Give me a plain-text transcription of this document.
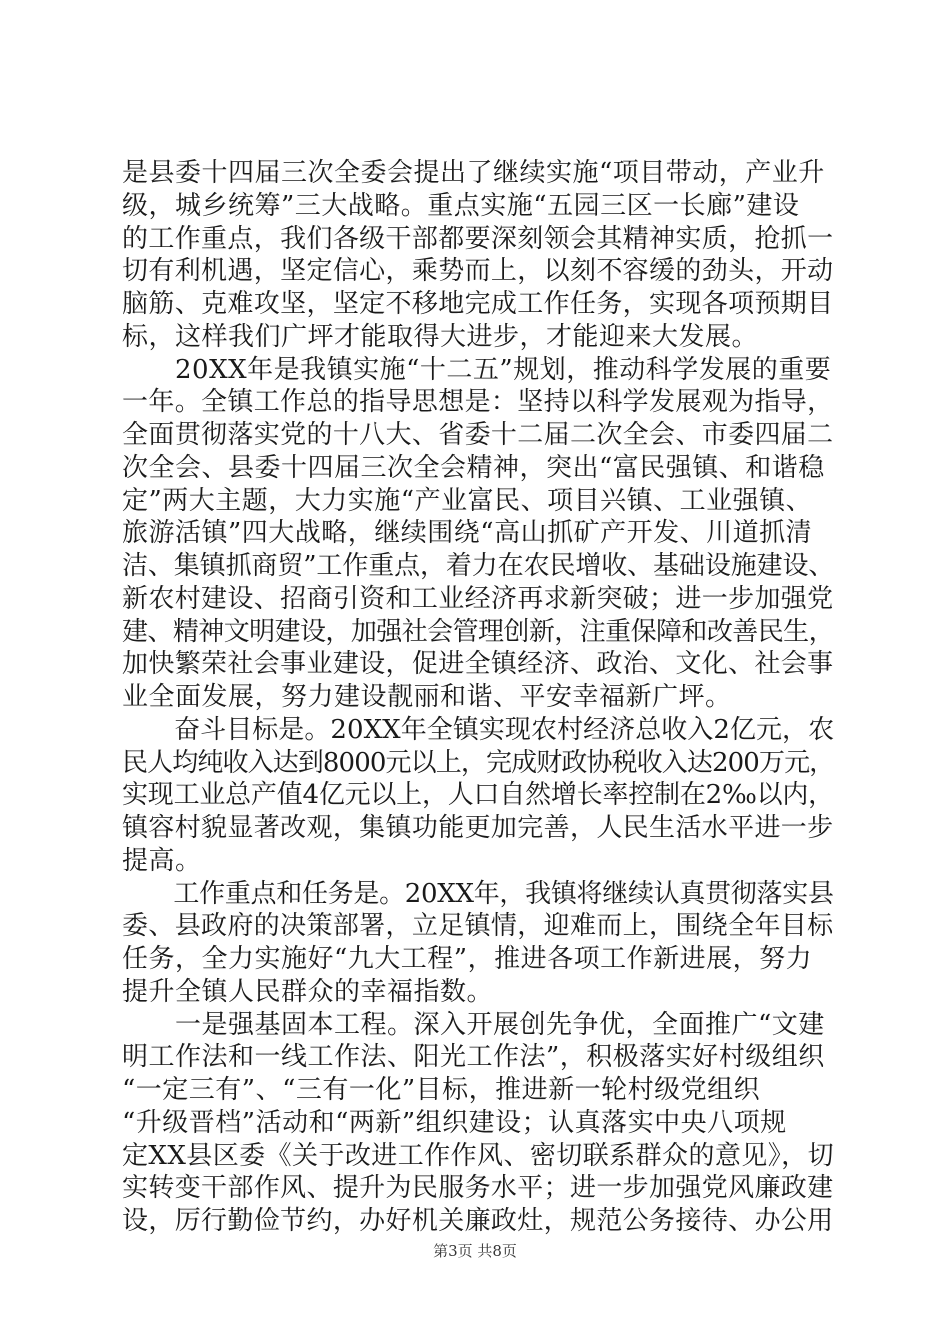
是县委十四届三次全委会提出了继续实施“项目带动，产业升
级，城乡统筹”三大战略。重点实施“五园三区一长廊”建设
的工作重点，我们各级干部都要深刻领会其精神实质，抢抓一
切有利机遇，坚定信心，乘势而上，以刻不容缓的劲头，开动
脑筋、克难攻坚，坚定不移地完成工作任务，实现各项预期目
标，这样我们广坪才能取得大进步，才能迎来大发展。
　　20XX年是我镇实施“十二五”规划，推动科学发展的重要
一年。全镇工作总的指导思想是：坚持以科学发展观为指导，
全面贯彻落实党的十八大、省委十二届二次全会、市委四届二
次全会、县委十四届三次全会精神，突出“富民强镇、和谐稳
定”两大主题，大力实施“产业富民、项目兴镇、工业强镇、
旅游活镇”四大战略，继续围绕“高山抓矿产开发、川道抓清
洁、集镇抓商贸”工作重点，着力在农民增收、基础设施建设、
新农村建设、招商引资和工业经济再求新突破；进一步加强党
建、精神文明建设，加强社会管理创新，注重保障和改善民生，
加快繁荣社会事业建设，促进全镇经济、政治、文化、社会事
业全面发展，努力建设靓丽和谐、平安幸福新广坪。
　　奋斗目标是。20XX年全镇实现农村经济总收入2亿元，农
民人均纯收入达到8000元以上，完成财政协税收入达200万元，
实现工业总产值4亿元以上，人口自然增长率控制在2‰以内，
镇容村貌显著改观，集镇功能更加完善，人民生活水平进一步
提高。
　　工作重点和任务是。20XX年，我镇将继续认真贯彻落实县
委、县政府的决策部署，立足镇情，迎难而上，围绕全年目标
任务，全力实施好“九大工程”，推进各项工作新进展，努力
提升全镇人民群众的幸福指数。
　　一是强基固本工程。深入开展创先争优，全面推广“文建
明工作法和一线工作法、阳光工作法”，积极落实好村级组织
“一定三有”、“三有一化”目标，推进新一轮村级党组织
“升级晋档”活动和“两新”组织建设；认真落实中央八项规
定XX县区委《关于改进工作作风、密切联系群众的意见》，切
实转变干部作风、提升为民服务水平；进一步加强党风廉政建
设，厉行勤俭节约，办好机关廉政灶，规范公务接待、办公用
第3页 共8页
